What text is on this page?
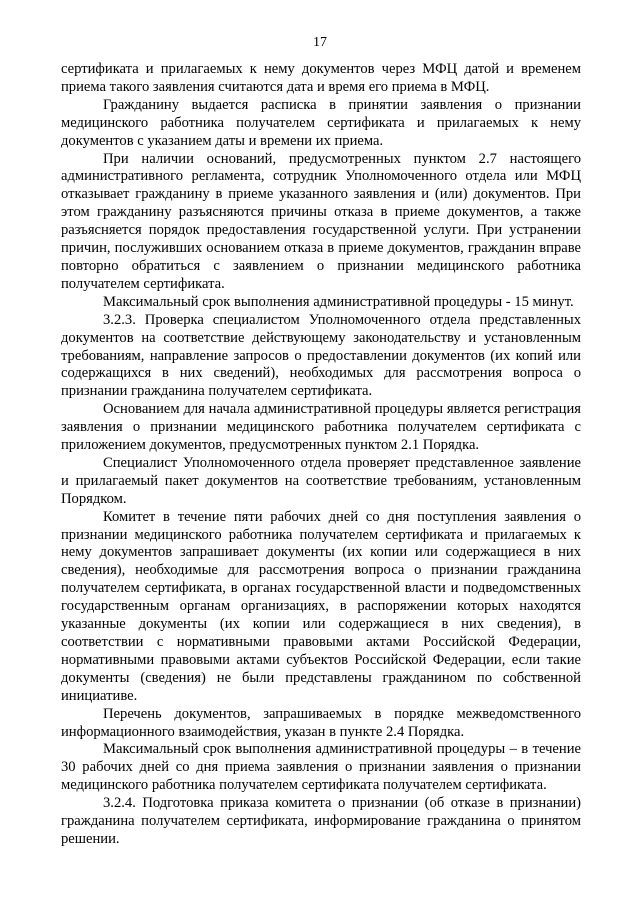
17

сертификата и прилагаемых к нему документов через МФЦ датой и временем приема такого заявления считаются дата и время его приема в МФЦ.

Гражданину выдается расписка в принятии заявления о признании медицинского работника получателем сертификата и прилагаемых к нему документов с указанием даты и времени их приема.

При наличии оснований, предусмотренных пунктом 2.7 настоящего административного регламента, сотрудник Уполномоченного отдела или МФЦ отказывает гражданину в приеме указанного заявления и (или) документов. При этом гражданину разъясняются причины отказа в приеме документов, а также разъясняется порядок предоставления государственной услуги. При устранении причин, послуживших основанием отказа в приеме документов, гражданин вправе повторно обратиться с заявлением о признании медицинского работника получателем сертификата.

Максимальный срок выполнения административной процедуры - 15 минут.

3.2.3. Проверка специалистом Уполномоченного отдела представленных документов на соответствие действующему законодательству и установленным требованиям, направление запросов о предоставлении документов (их копий или содержащихся в них сведений), необходимых для рассмотрения вопроса о признании гражданина получателем сертификата.

Основанием для начала административной процедуры является регистрация заявления о признании медицинского работника получателем сертификата с приложением документов, предусмотренных пунктом 2.1 Порядка.

Специалист Уполномоченного отдела проверяет представленное заявление и прилагаемый пакет документов на соответствие требованиям, установленным Порядком.

Комитет в течение пяти рабочих дней со дня поступления заявления о признании медицинского работника получателем сертификата и прилагаемых к нему документов запрашивает документы (их копии или содержащиеся в них сведения), необходимые для рассмотрения вопроса о признании гражданина получателем сертификата, в органах государственной власти и подведомственных государственным органам организациях, в распоряжении которых находятся указанные документы (их копии или содержащиеся в них сведения), в соответствии с нормативными правовыми актами Российской Федерации, нормативными правовыми актами субъектов Российской Федерации, если такие документы (сведения) не были представлены гражданином по собственной инициативе.

Перечень документов, запрашиваемых в порядке межведомственного информационного взаимодействия, указан в пункте 2.4 Порядка.

Максимальный срок выполнения административной процедуры – в течение 30 рабочих дней со дня приема заявления о признании заявления о признании медицинского работника получателем сертификата получателем сертификата.

3.2.4. Подготовка приказа комитета о признании (об отказе в признании) гражданина получателем сертификата, информирование гражданина о принятом решении.
